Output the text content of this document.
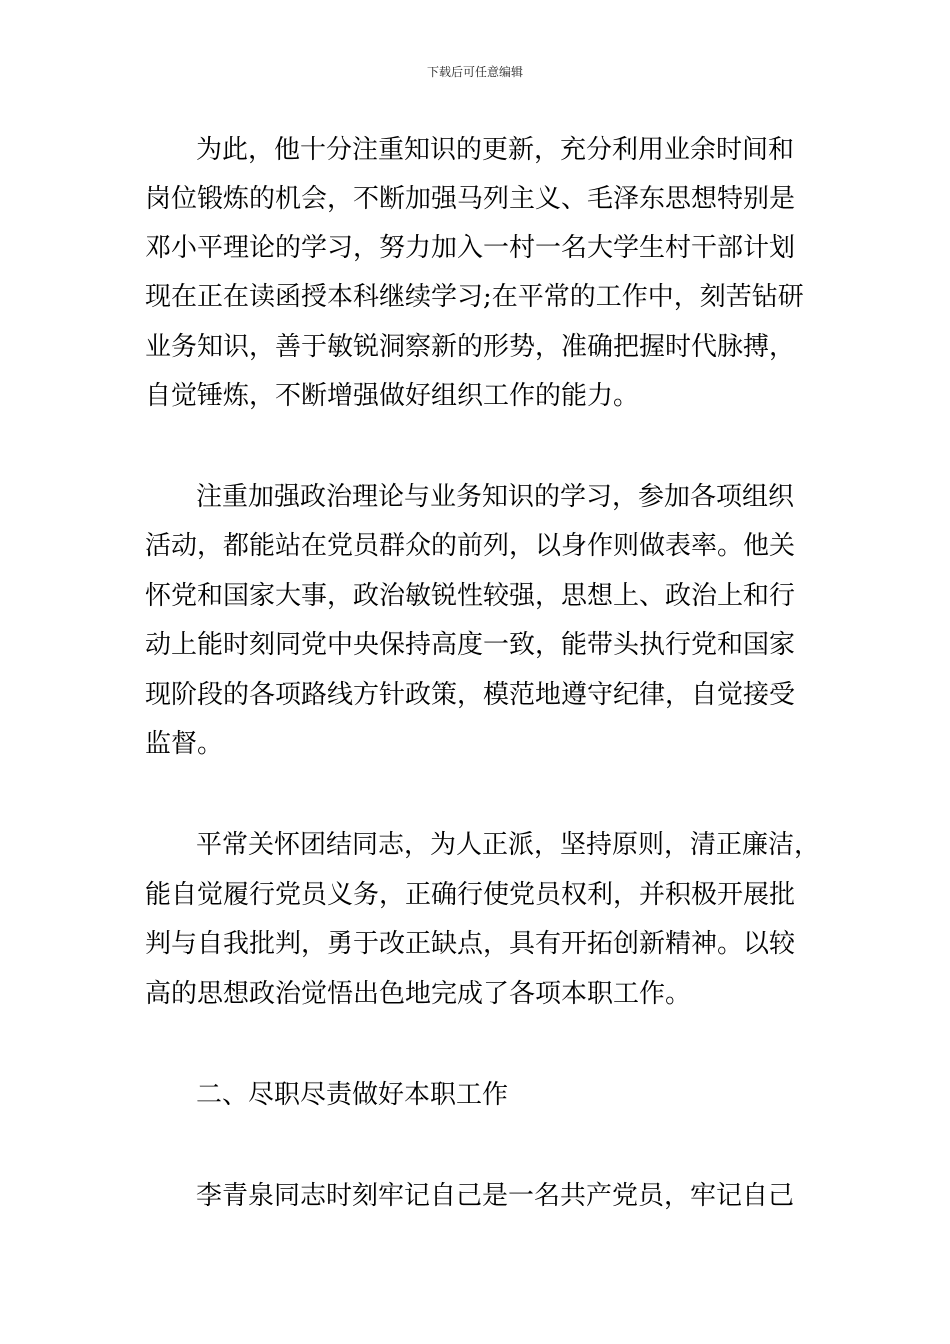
下载后可任意编辑
为此，他十分注重知识的更新，充分利用业余时间和
岗位锻炼的机会，不断加强马列主义、毛泽东思想特别是
邓小平理论的学习，努力加入一村一名大学生村干部计划
现在正在读函授本科继续学习;在平常的工作中，刻苦钻研
业务知识，善于敏锐洞察新的形势，准确把握时代脉搏，
自觉锤炼，不断增强做好组织工作的能力。
注重加强政治理论与业务知识的学习，参加各项组织
活动，都能站在党员群众的前列，以身作则做表率。他关
怀党和国家大事，政治敏锐性较强，思想上、政治上和行
动上能时刻同党中央保持高度一致，能带头执行党和国家
现阶段的各项路线方针政策，模范地遵守纪律，自觉接受
监督。
平常关怀团结同志，为人正派，坚持原则，清正廉洁，
能自觉履行党员义务，正确行使党员权利，并积极开展批
判与自我批判，勇于改正缺点，具有开拓创新精神。以较
高的思想政治觉悟出色地完成了各项本职工作。
二、尽职尽责做好本职工作
李青泉同志时刻牢记自己是一名共产党员，牢记自己
